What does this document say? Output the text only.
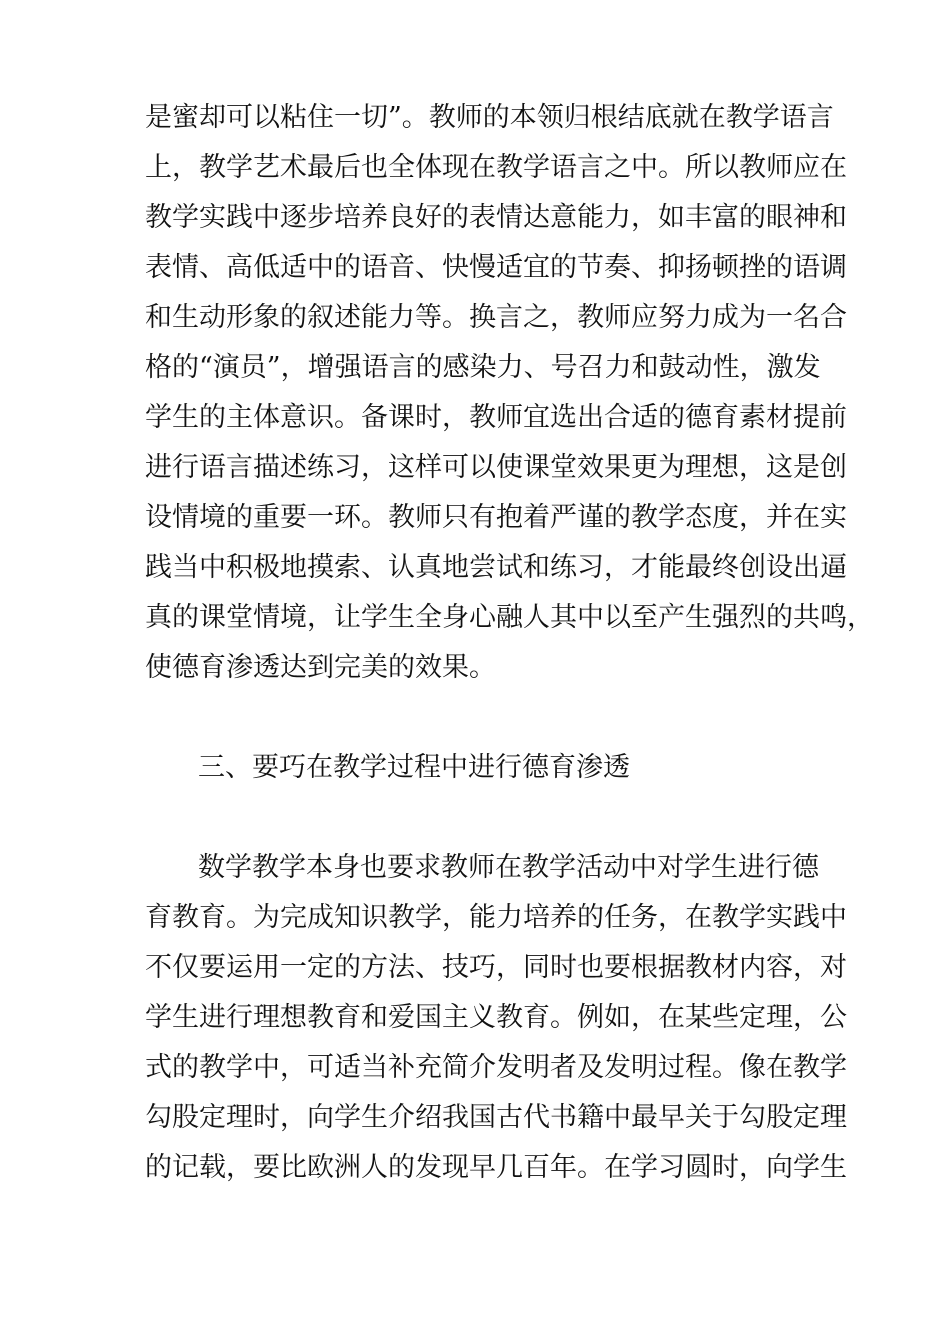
是蜜却可以粘住一切”。教师的本领归根结底就在教学语言
上，教学艺术最后也全体现在教学语言之中。所以教师应在
教学实践中逐步培养良好的表情达意能力，如丰富的眼神和
表情、高低适中的语音、快慢适宜的节奏、抑扬顿挫的语调
和生动形象的叙述能力等。换言之，教师应努力成为一名合
格的“演员”，增强语言的感染力、号召力和鼓动性，激发
学生的主体意识。备课时，教师宜选出合适的德育素材提前
进行语言描述练习，这样可以使课堂效果更为理想，这是创
设情境的重要一环。教师只有抱着严谨的教学态度，并在实
践当中积极地摸索、认真地尝试和练习，才能最终创设出逼
真的课堂情境，让学生全身心融人其中以至产生强烈的共鸣，
使德育渗透达到完美的效果。
三、要巧在教学过程中进行德育渗透
数学教学本身也要求教师在教学活动中对学生进行德
育教育。为完成知识教学，能力培养的任务，在教学实践中
不仅要运用一定的方法、技巧，同时也要根据教材内容，对
学生进行理想教育和爱国主义教育。例如，在某些定理，公
式的教学中，可适当补充简介发明者及发明过程。像在教学
勾股定理时，向学生介绍我国古代书籍中最早关于勾股定理
的记载，要比欧洲人的发现早几百年。在学习圆时，向学生
